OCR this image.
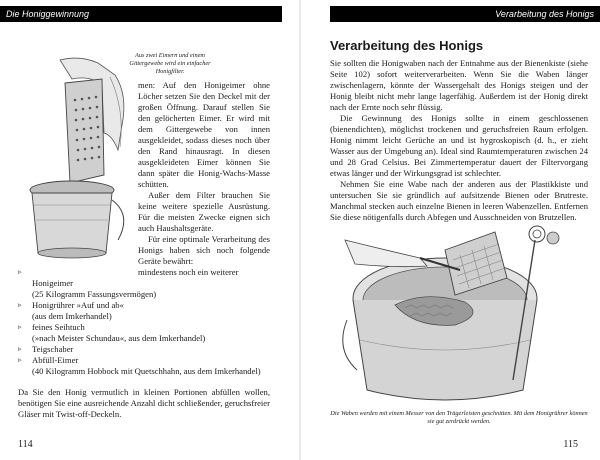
Die Honiggewinnung
Aus zwei Eimern und einem Gittergewebe wird ein einfacher Honigfilter.

men: Auf den Honigeimer ohne Löcher setzen Sie den Deckel mit der großen Öffnung. Darauf stellen Sie den gelöcherten Eimer. Er wird mit dem Gittergewebe von innen ausgekleidet, sodass dieses noch über den Rand hinausragt. In diesen ausgekleideten Eimer können Sie dann später die Honig-Wachs-Masse schütten.

Außer dem Filter brauchen Sie keine weitere spezielle Ausrüstung. Für die meisten Zwecke eignen sich auch Haushaltsgeräte.

Für eine optimale Verarbeitung des Honigs haben sich noch folgende Geräte bewährt:

▹	mindestens noch ein weiterer Honigeimer
(25 Kilogramm Fassungsvermögen)
▹ Honigrührer »Auf und ab«
(aus dem Imkerhandel)
▹ feines Seihtuch
(»nach Meister Schundau«, aus dem Imkerhandel)
▹ Teigschaber
▹ Abfüll-Eimer
(40 Kilogramm Hobbock mit Quetschhahn, aus dem Imkerhandel)

Da Sie den Honig vermutlich in kleinen Portionen abfüllen wollen, benötigen Sie eine ausreichende Anzahl dicht schließender, geruchsfreier Gläser mit Twist-off-Deckeln.

114
Verarbeitung des Honigs
Verarbeitung des Honigs

Sie sollten die Honigwaben nach der Entnahme aus der Bienenkiste (siehe Seite 102) sofort weiterverarbeiten. Wenn Sie die Waben länger zwischenlagern, könnte der Wassergehalt des Honigs steigen und der Honig bleibt nicht mehr lange lagerfähig. Außerdem ist der Honig direkt nach der Ernte noch sehr flüssig.

Die Gewinnung des Honigs sollte in einem geschlossenen (bienendichten), möglichst trockenen und geruchsfreien Raum erfolgen. Honig nimmt leicht Gerüche an und ist hygroskopisch (d. h., er zieht Wasser aus der Umgebung an). Ideal sind Raumtemperaturen zwischen 24 und 28 Grad Celsius. Bei Zimmertemperatur dauert der Filtervorgang etwas länger und der Wirkungsgrad ist schlechter.

Nehmen Sie eine Wabe nach der anderen aus der Plastikkiste und untersuchen Sie sie gründlich auf aufsitzende Bienen oder Brutreste. Manchmal stecken auch einzelne Bienen in leeren Wabenzellen. Entfernen Sie diese nötigenfalls durch Abfegen und Ausschneiden von Brutzellen.

Die Waben werden mit einem Messer von den Trägerleisten geschnitten. Mit dem Honigrührer können sie gut zerdrückt werden.
115
